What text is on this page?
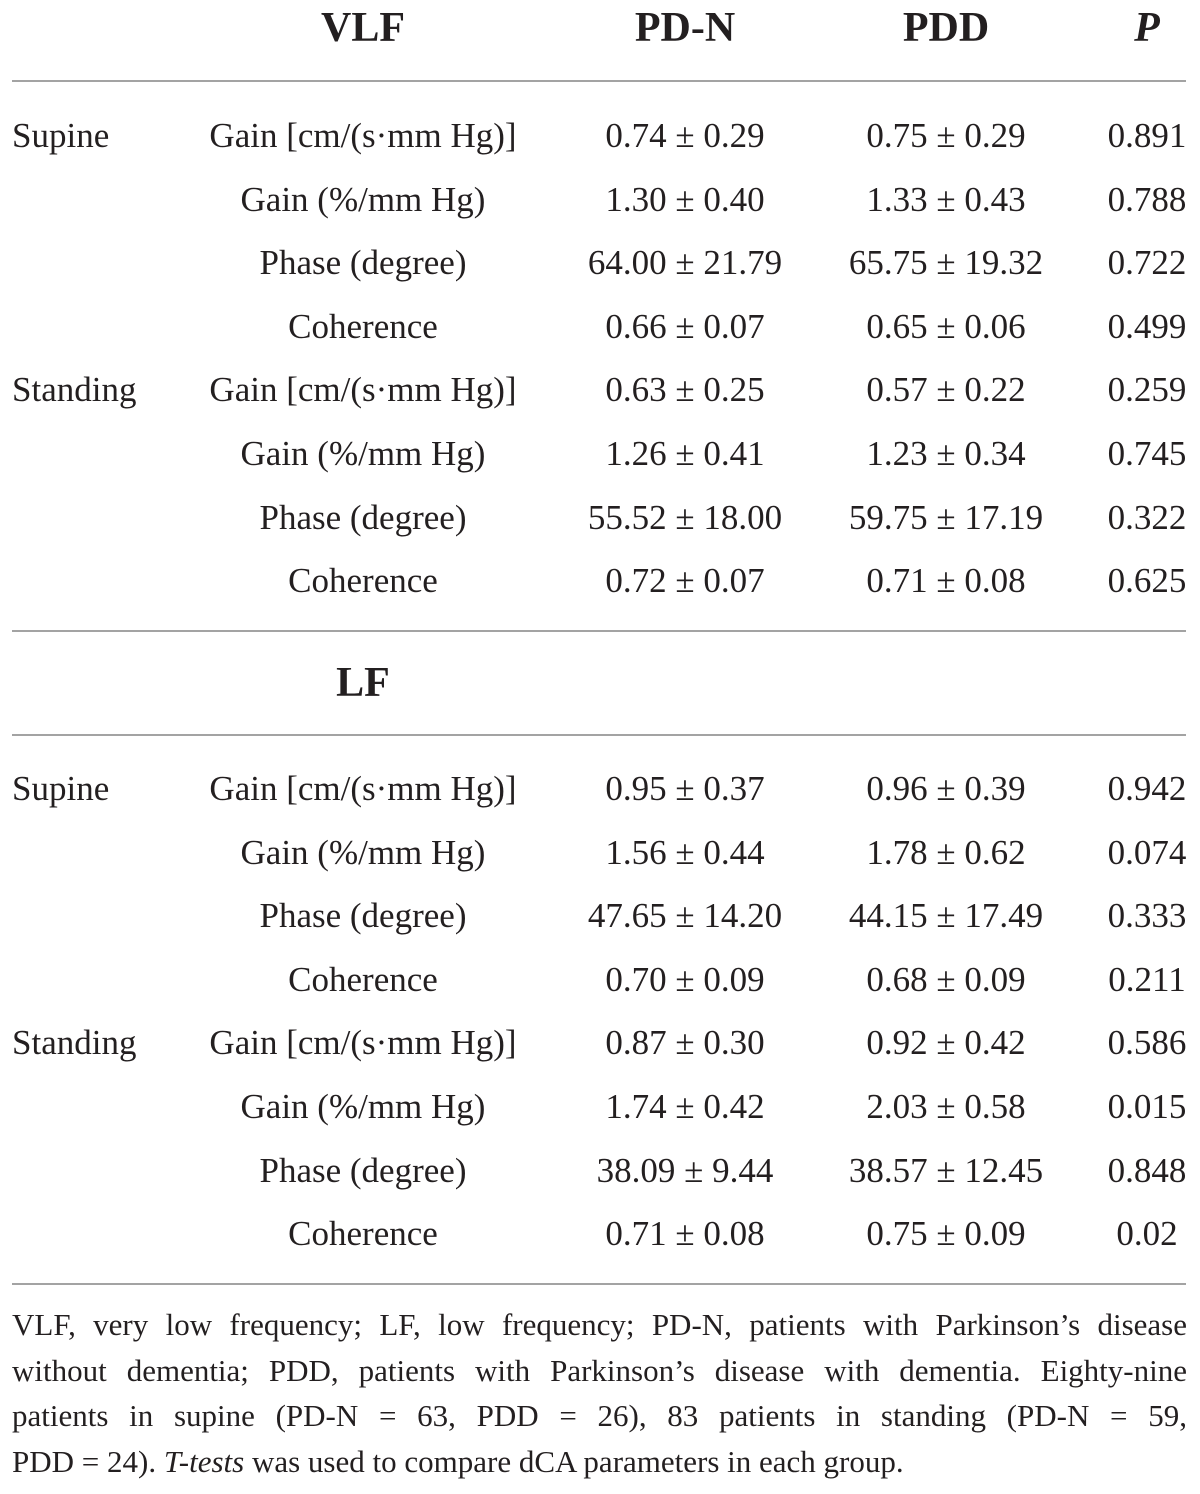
VLF	PD-N	PDD	P
Supine	Gain [cm/(s·mm Hg)]	0.74 ± 0.29	0.75 ± 0.29	0.891
Gain (%/mm Hg)	1.30 ± 0.40	1.33 ± 0.43	0.788
Phase (degree)	64.00 ± 21.79	65.75 ± 19.32	0.722
Coherence	0.66 ± 0.07	0.65 ± 0.06	0.499
Standing	Gain [cm/(s·mm Hg)]	0.63 ± 0.25	0.57 ± 0.22	0.259
Gain (%/mm Hg)	1.26 ± 0.41	1.23 ± 0.34	0.745
Phase (degree)	55.52 ± 18.00	59.75 ± 17.19	0.322
Coherence	0.72 ± 0.07	0.71 ± 0.08	0.625
LF
Supine	Gain [cm/(s·mm Hg)]	0.95 ± 0.37	0.96 ± 0.39	0.942
Gain (%/mm Hg)	1.56 ± 0.44	1.78 ± 0.62	0.074
Phase (degree)	47.65 ± 14.20	44.15 ± 17.49	0.333
Coherence	0.70 ± 0.09	0.68 ± 0.09	0.211
Standing	Gain [cm/(s·mm Hg)]	0.87 ± 0.30	0.92 ± 0.42	0.586
Gain (%/mm Hg)	1.74 ± 0.42	2.03 ± 0.58	0.015
Phase (degree)	38.09 ± 9.44	38.57 ± 12.45	0.848
Coherence	0.71 ± 0.08	0.75 ± 0.09	0.02
VLF, very low frequency; LF, low frequency; PD-N, patients with Parkinson’s disease
without dementia; PDD, patients with Parkinson’s disease with dementia. Eighty-nine
patients in supine (PD-N = 63, PDD = 26), 83 patients in standing (PD-N = 59,
PDD = 24). T-tests was used to compare dCA parameters in each group.
